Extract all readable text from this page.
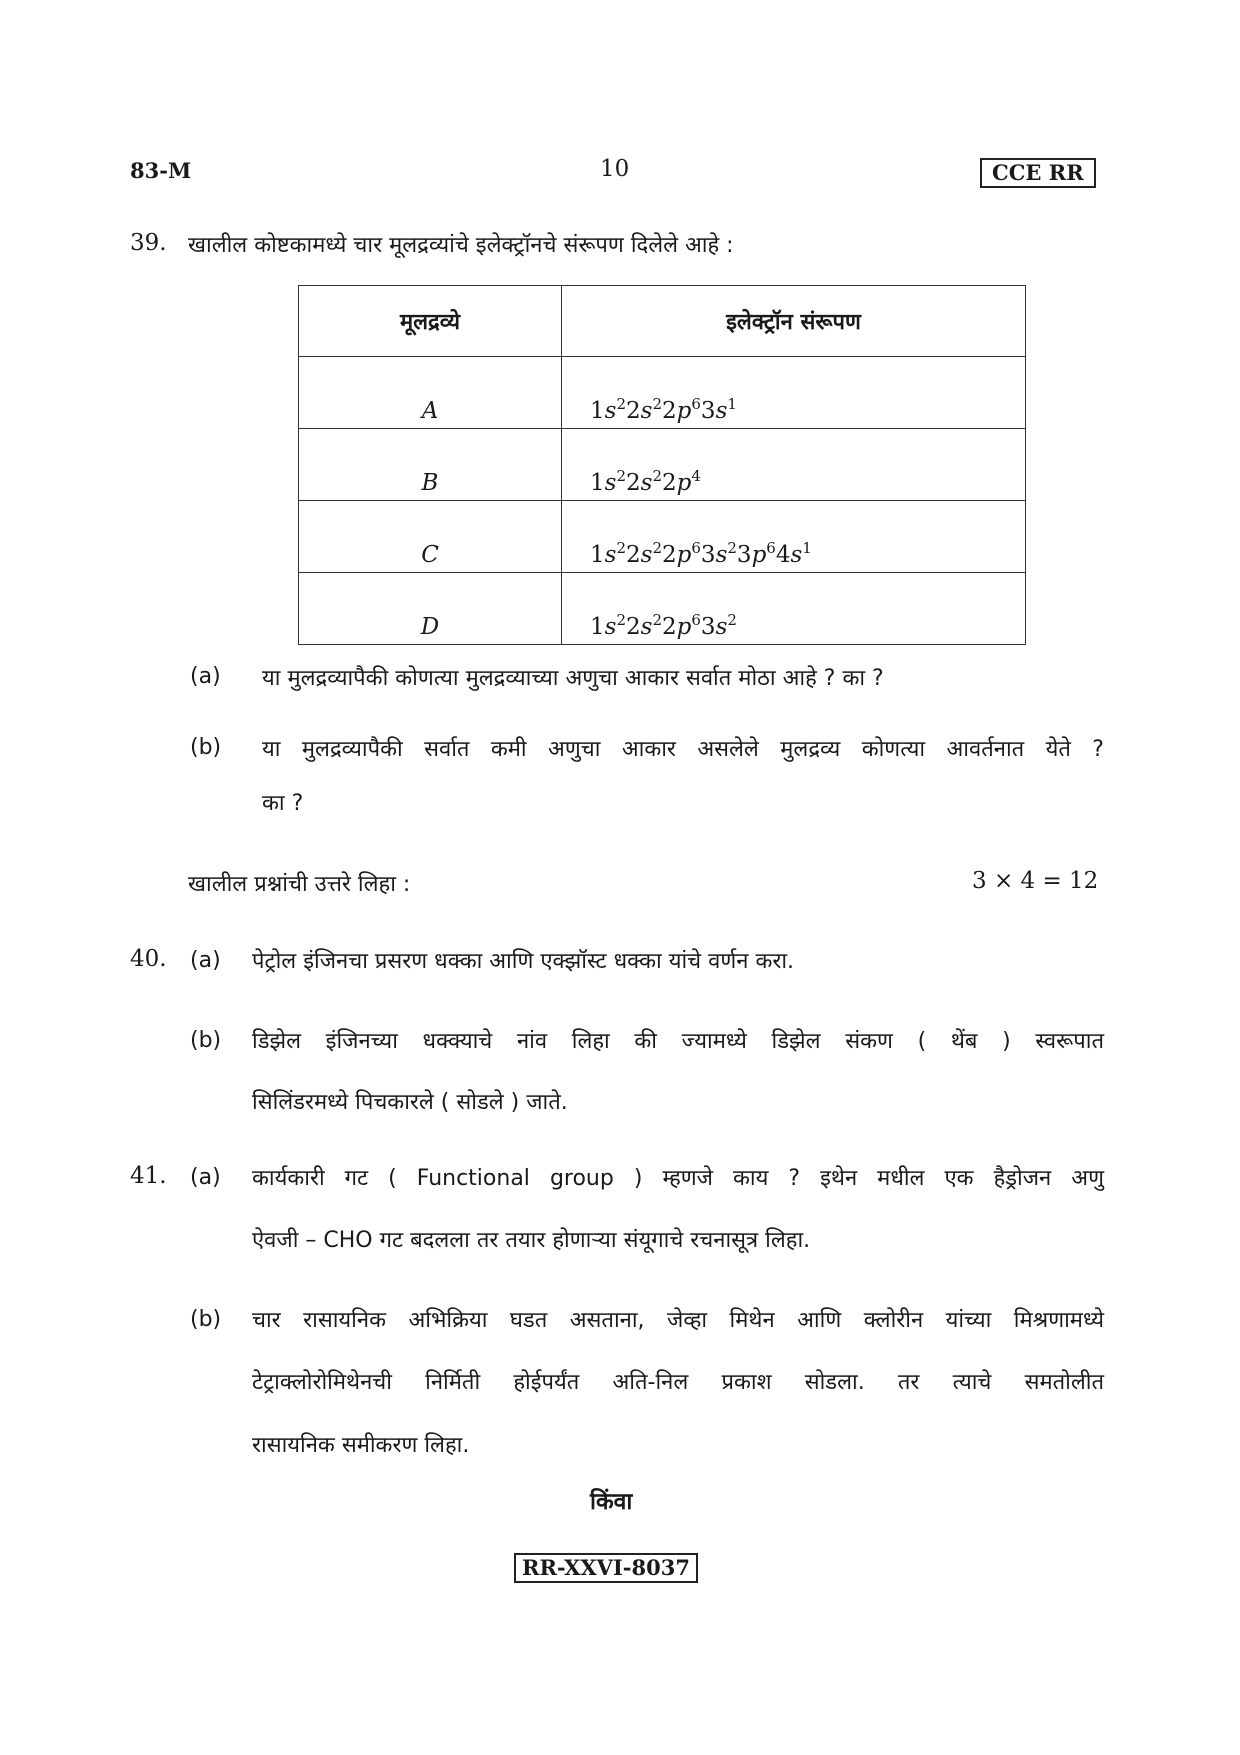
83-M	10	CCE RR
39. खालील कोष्टकामध्ये चार मूलद्रव्यांचे इलेक्ट्रॉनचे संरूपण दिलेले आहे :
मूलद्रव्ये	इलेक्ट्रॉन संरूपण
A	$1s^22s^22p^63s^1$
B	$1s^22s^22p^4$
C	$1s^22s^22p^63s^23p^64s^1$
D	$1s^22s^22p^63s^2$
(a) या मुलद्रव्यापैकी कोणत्या मुलद्रव्याच्या अणुचा आकार सर्वात मोठा आहे ? का ?
(b) या मुलद्रव्यापैकी सर्वात कमी अणुचा आकार असलेले मुलद्रव्य कोणत्या आवर्तनात येते ?
का ?
खालील प्रश्नांची उत्तरे लिहा :	3 × 4 = 12
40. (a) पेट्रोल इंजिनचा प्रसरण धक्का आणि एक्झॉस्ट धक्का यांचे वर्णन करा.
(b) डिझेल इंजिनच्या धक्क्याचे नांव लिहा की ज्यामध्ये डिझेल संकण ( थेंब ) स्वरूपात
सिलिंडरमध्ये पिचकारले ( सोडले ) जाते.
41. (a) कार्यकारी गट ( Functional group ) म्हणजे काय ? इथेन मधील एक हैड्रोजन अणु
ऐवजी – CHO गट बदलला तर तयार होणाऱ्या संयूगाचे रचनासूत्र लिहा.
(b) चार रासायनिक अभिक्रिया घडत असताना, जेव्हा मिथेन आणि क्लोरीन यांच्या मिश्रणामध्ये
टेट्राक्लोरोमिथेनची निर्मिती होईपर्यंत अति-निल प्रकाश सोडला. तर त्याचे समतोलीत
रासायनिक समीकरण लिहा.
किंवा
RR-XXVI-8037
